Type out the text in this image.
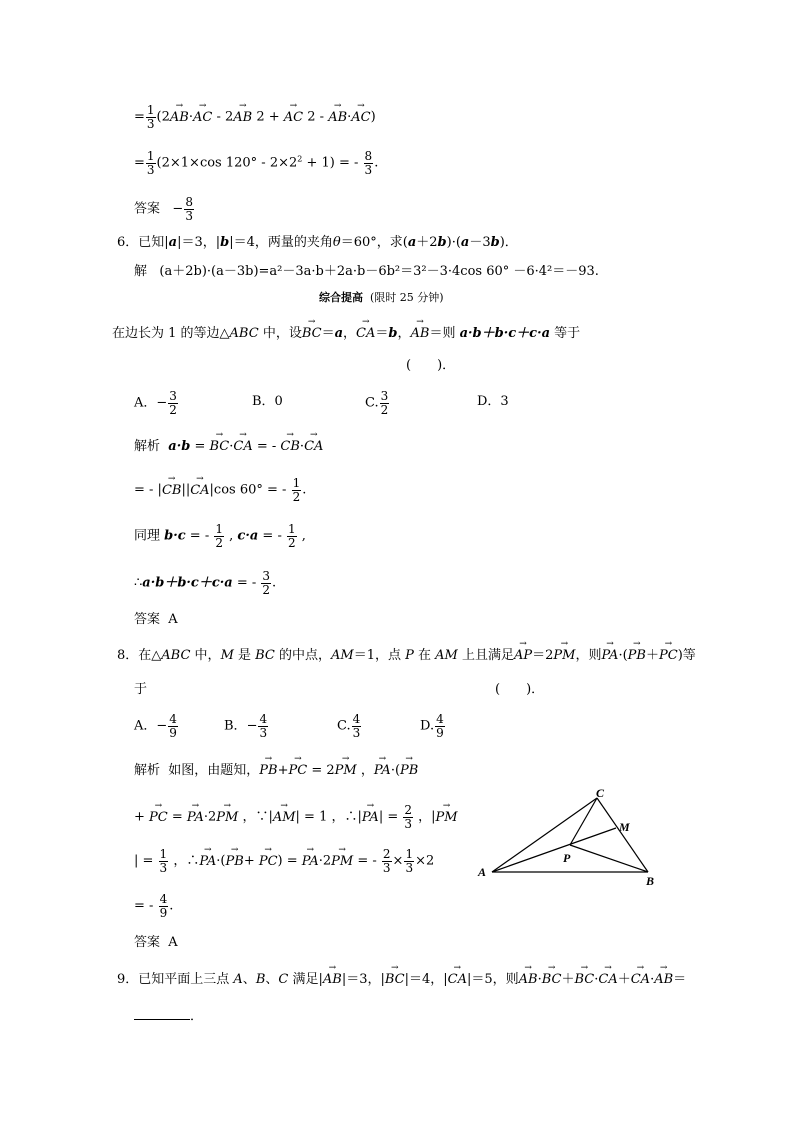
= $\frac{1}{3} (2\to AB\cdot\to$ AC - 2→ AB 2 + → AC 2 - → AB·→ AC)
= $\frac{1}{3} (2\times 1\times\cos$ $120^\circ - 2\times 2^2 + 1$) = - $\frac{8}{3}$ .
答案 − $\frac{8}{3}$
6．已知|a|＝3，|b|＝4，两量的夹角θ＝60°，求(a＋2b)·(a－3b)．
解 (a＋2b)·(a－3b)=a²－3a·b＋2a·b－6b²＝3²－3·4cos 60° －6·4²＝－93.
综合提高 (限时 25 分钟)
在边长为 1 的等边△ABC 中，设→ BC＝a，→ CA＝b，→ AB＝则 a·b＋b·c＋c·a 等于
(　　)．
A．− $\frac{3}{2}$	B．0	C. $\frac{3}{2}$	D．3
解析 a·b = → BC·→ CA = - → CB·→ CA
= - |→ CB||→ CA|cos 60° = - $\frac{1}{2}$ .
同理 b·c = - $\frac{1}{2}$ , c·a = - $\frac{1}{2}$ ,
∴a·b＋b·c＋c·a = - $\frac{3}{2}$ .
答案 A
8．在△ABC 中，M 是 BC 的中点，AM＝1，点 P 在 AM 上且满足→ AP＝2→ PM，则→ PA·(→ PB＋→ PC)等
于	(　　)．
A．− $\frac{4}{9}$	B．− $\frac{4}{3}$	C. $\frac{4}{3}$	D. $\frac{4}{9}$
解析 如图，由题知，→ PB+→ PC = 2→ PM ，→ PA·(→ PB
+ → PC = → PA·2→ PM ，∵|→ AM| = 1 ，∴|→ $PA| = \frac{2}{3}$ ，|→ PM
| = $\frac{1}{3}$ ，∴→ PA·(→ PB+ → PC) = → PA·2→ PM = - $\frac{2}{3} \times \frac{1}{3} \times 2$
= - $\frac{4}{9}$ .
答案 A
A
B
C
M
P
9．已知平面上三点 A、B、C 满足|→ AB|＝3，|→ BC|＝4，|→ CA|＝5，则→ AB·→ BC＋→ BC·→ CA＋→ CA·→ AB＝
．
